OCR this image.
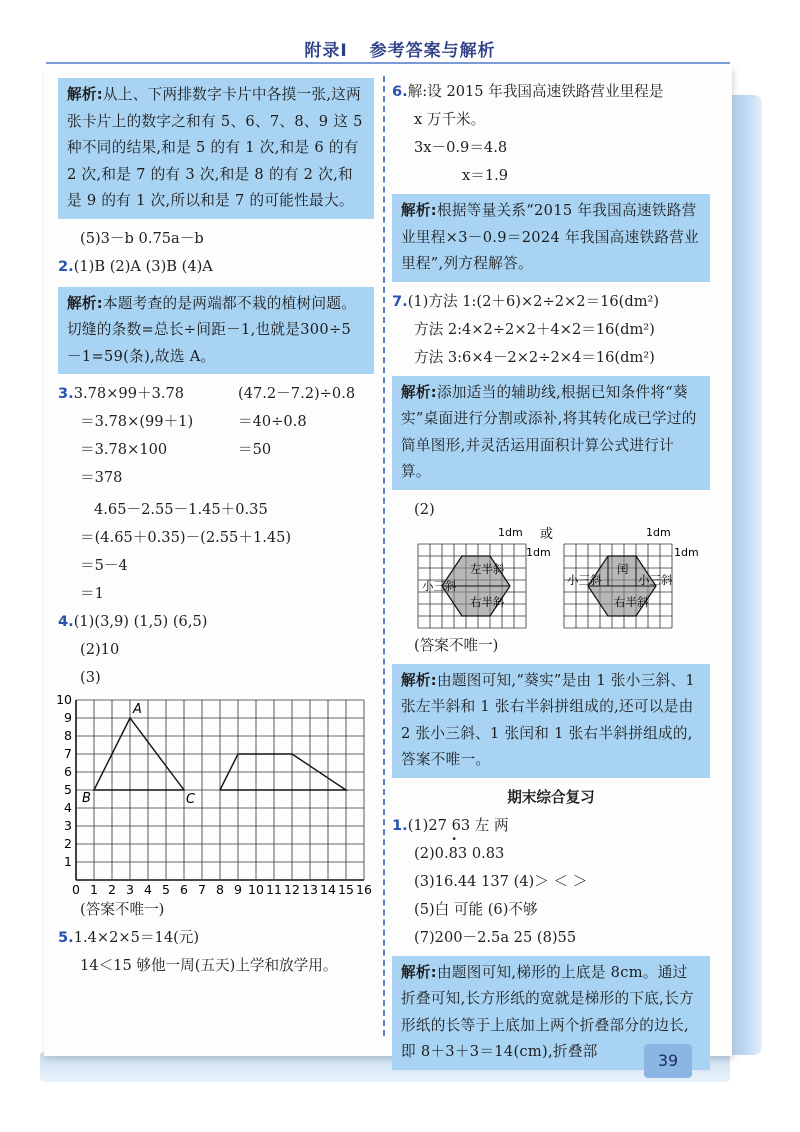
附录Ⅰ 参考答案与解析
解析:从上、下两排数字卡片中各摸一张,这两张卡片上的数字之和有 5、6、7、8、9 这 5 种不同的结果,和是 5 的有 1 次,和是 6 的有 2 次,和是 7 的有 3 次,和是 8 的有 2 次,和是 9 的有 1 次,所以和是 7 的可能性最大。
(5)3－b 0.75a－b
2.(1)B (2)A (3)B (4)A
解析:本题考查的是两端都不栽的植树问题。切缝的条数=总长÷间距－1,也就是300÷5－1=59(条),故选 A。
3.3.78×99＋3.78
＝3.78×(99＋1)
＝3.78×100
＝378
(47.2－7.2)÷0.8
＝40÷0.8
＝50
4.65－2.55－1.45＋0.35
＝(4.65＋0.35)－(2.55＋1.45)
＝5－4
＝1
4.(1)(3,9) (1,5) (6,5)
(2)10
(3)
A
B	C
10
9
8
7
6
5
4
3
2
1
0 1 2 3 4 5 6 7 8 9 10 11 12 13 14 15 16
(答案不唯一)
5.1.4×2×5＝14(元)
14＜15 够他一周(五天)上学和放学用。
6.解:设 2015 年我国高速铁路营业里程是
x 万千米。
3x－0.9＝4.8
x＝1.9
解析:根据等量关系“2015 年我国高速铁路营业里程×3－0.9＝2024 年我国高速铁路营业里程”,列方程解答。
7.(1)方法 1:(2＋6)×2÷2×2＝16(dm²)
方法 2:4×2÷2×2＋4×2＝16(dm²)
方法 3:6×4－2×2÷2×4＝16(dm²)
解析:添加适当的辅助线,根据已知条件将“葵实”桌面进行分割或添补,将其转化成已学过的简单图形,并灵活运用面积计算公式进行计算。
(2)
左半斜
小三斜
右半斜
1dm
1dm
或
闰
小三斜	小三斜
右半斜
1dm
1dm
(答案不唯一)
解析:由题图可知,“葵实”是由 1 张小三斜、1 张左半斜和 1 张右半斜拼组成的,还可以是由 2 张小三斜、1 张闰和 1 张右半斜拼组成的,答案不唯一。
期末综合复习
1.(1)27 63 左 两
(2)0.· 83 0.83
(3)16.44 137 (4)＞ ＜ ＞
(5)白 可能 (6)不够
(7)200－2.5a 25 (8)55
解析:由题图可知,梯形的上底是 8cm。通过折叠可知,长方形纸的宽就是梯形的下底,长方形纸的长等于上底加上两个折叠部分的边长,即 8＋3＋3＝14(cm),折叠部	39
